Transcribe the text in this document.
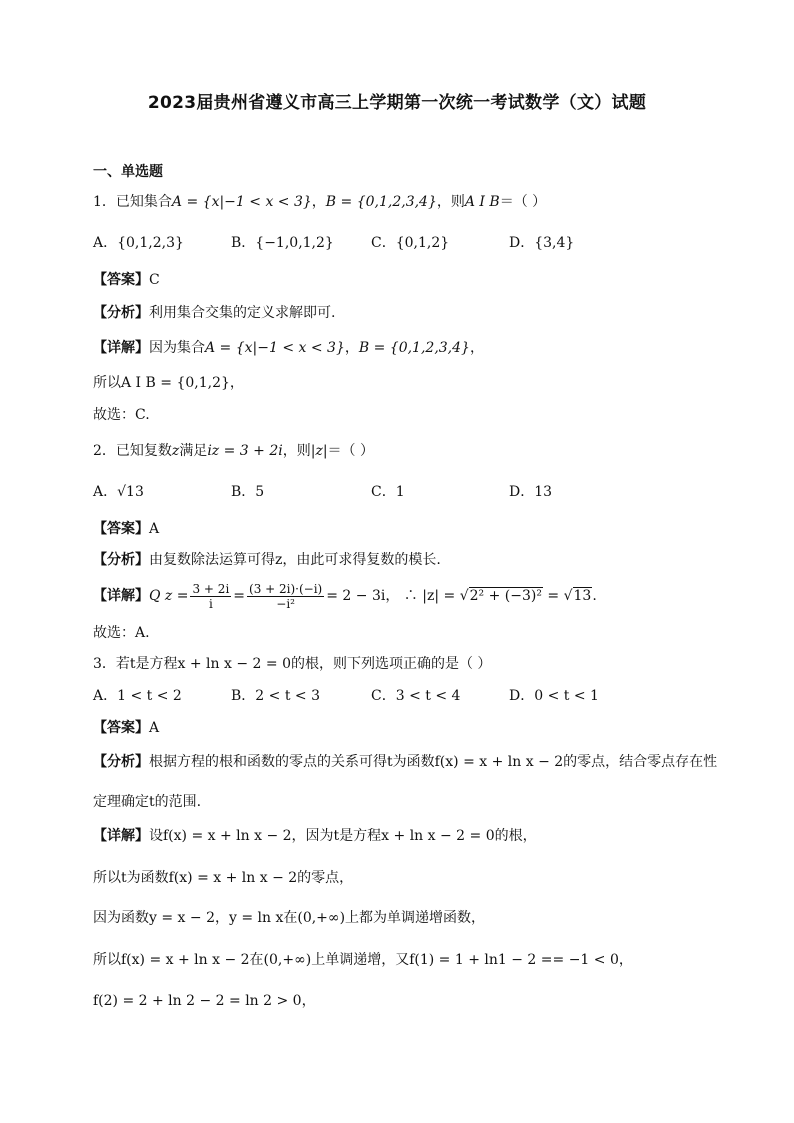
2023届贵州省遵义市高三上学期第一次统一考试数学（文）试题
一、单选题
1．已知集合A = {x|−1 < x < 3}，B = {0,1,2,3,4}，则A I B＝（ ）
A．{0,1,2,3}	B．{−1,0,1,2}	C．{0,1,2}	D．{3,4}
【答案】C
【分析】利用集合交集的定义求解即可.
【详解】因为集合A = {x|−1 < x < 3}，B = {0,1,2,3,4}，
所以A I B = {0,1,2}，
故选：C.
2．已知复数z满足iz = 3 + 2i，则|z|＝（ ）
A．√13	B．5	C．1	D．13
【答案】A
【分析】由复数除法运算可得z，由此可求得复数的模长.
【详解】Q $z = \frac{3 + 2i}{i} = \frac{(3 + 2i)\cdot(-i)}{\text{−i²}} = 2 - 3i$， ∴ |z| = √2² + (−3)² = √13.
故选：A.
3．若t是方程x + ln x − 2 = 0的根，则下列选项正确的是（ ）
A．1 < t < 2	B．2 < t < 3	C．3 < t < 4	D．0 < t < 1
【答案】A
【分析】根据方程的根和函数的零点的关系可得t为函数f(x) = x + ln x − 2的零点，结合零点存在性
定理确定t的范围.
【详解】设f(x) = x + ln x − 2，因为t是方程x + ln x − 2 = 0的根，
所以t为函数f(x) = x + ln x − 2的零点，
因为函数y = x − 2，y = ln x在(0,+∞)上都为单调递增函数，
所以f(x) = x + ln x − 2在(0,+∞)上单调递增，又f(1) = 1 + ln1 − 2 == −1 < 0，
f(2) = 2 + ln 2 − 2 = ln 2 > 0，
